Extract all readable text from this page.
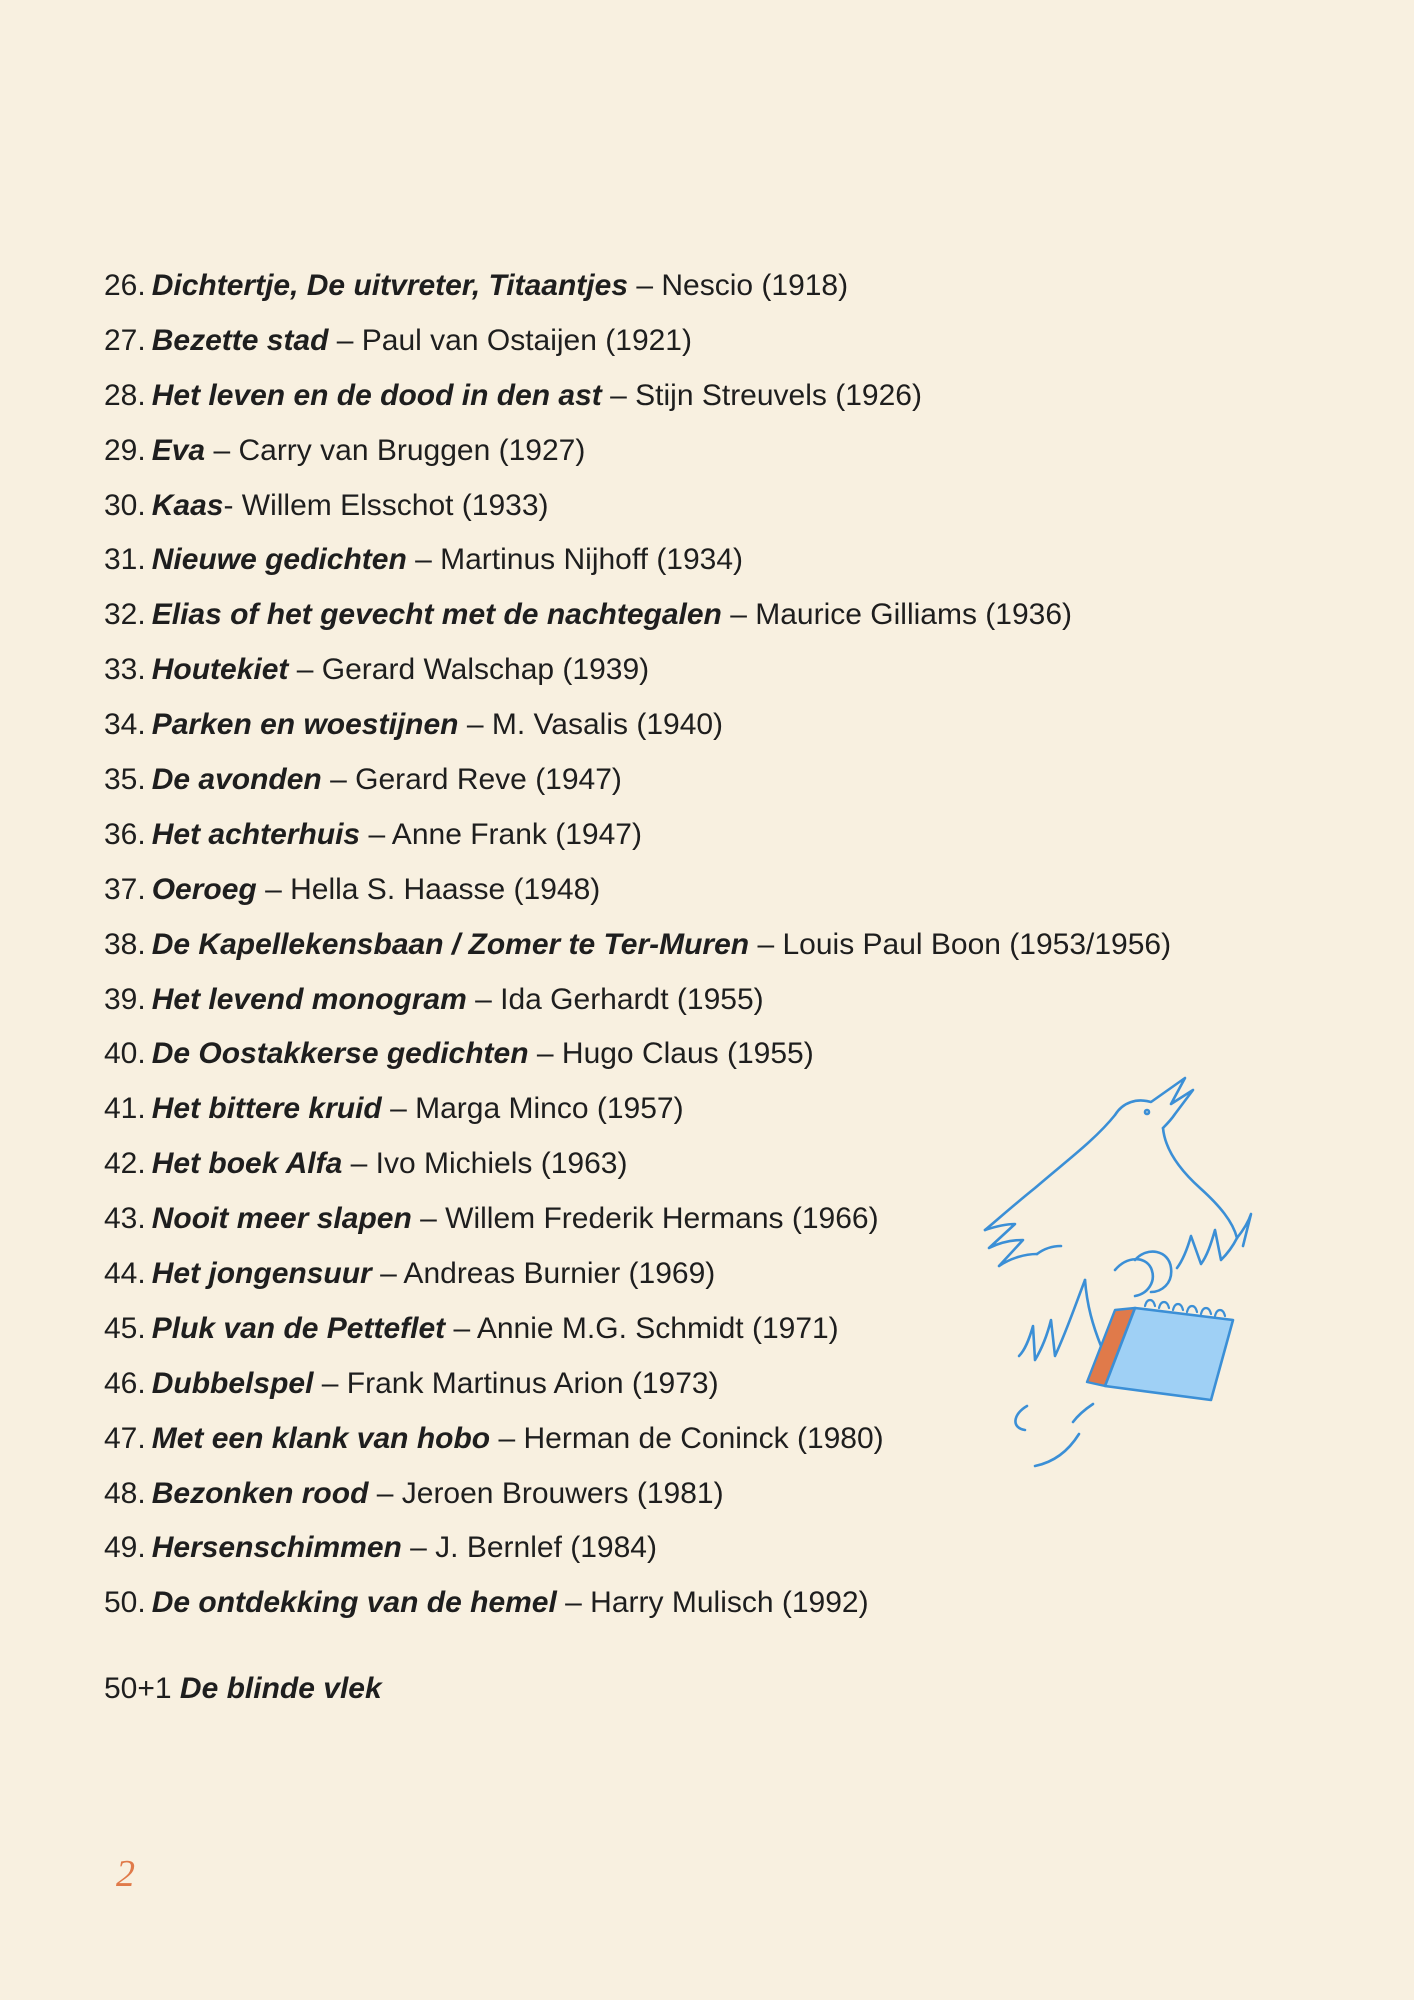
26. Dichtertje, De uitvreter, Titaantjes – Nescio (1918)
27. Bezette stad – Paul van Ostaijen (1921)
28. Het leven en de dood in den ast – Stijn Streuvels (1926)
29. Eva – Carry van Bruggen (1927)
30. Kaas- Willem Elsschot (1933)
31. Nieuwe gedichten – Martinus Nijhoff (1934)
32. Elias of het gevecht met de nachtegalen – Maurice Gilliams (1936)
33. Houtekiet – Gerard Walschap (1939)
34. Parken en woestijnen – M. Vasalis (1940)
35. De avonden – Gerard Reve (1947)
36. Het achterhuis – Anne Frank (1947)
37. Oeroeg – Hella S. Haasse (1948)
38. De Kapellekensbaan / Zomer te Ter-Muren – Louis Paul Boon (1953/1956)
39. Het levend monogram – Ida Gerhardt (1955)
40. De Oostakkerse gedichten – Hugo Claus (1955)
41. Het bittere kruid – Marga Minco (1957)
42. Het boek Alfa – Ivo Michiels (1963)
43. Nooit meer slapen – Willem Frederik Hermans (1966)
44. Het jongensuur – Andreas Burnier (1969)
45. Pluk van de Petteflet – Annie M.G. Schmidt (1971)
46. Dubbelspel – Frank Martinus Arion (1973)
47. Met een klank van hobo – Herman de Coninck (1980)
48. Bezonken rood – Jeroen Brouwers (1981)
49. Hersenschimmen – J. Bernlef (1984)
50. De ontdekking van de hemel – Harry Mulisch (1992)
50+1 De blinde vlek
2
